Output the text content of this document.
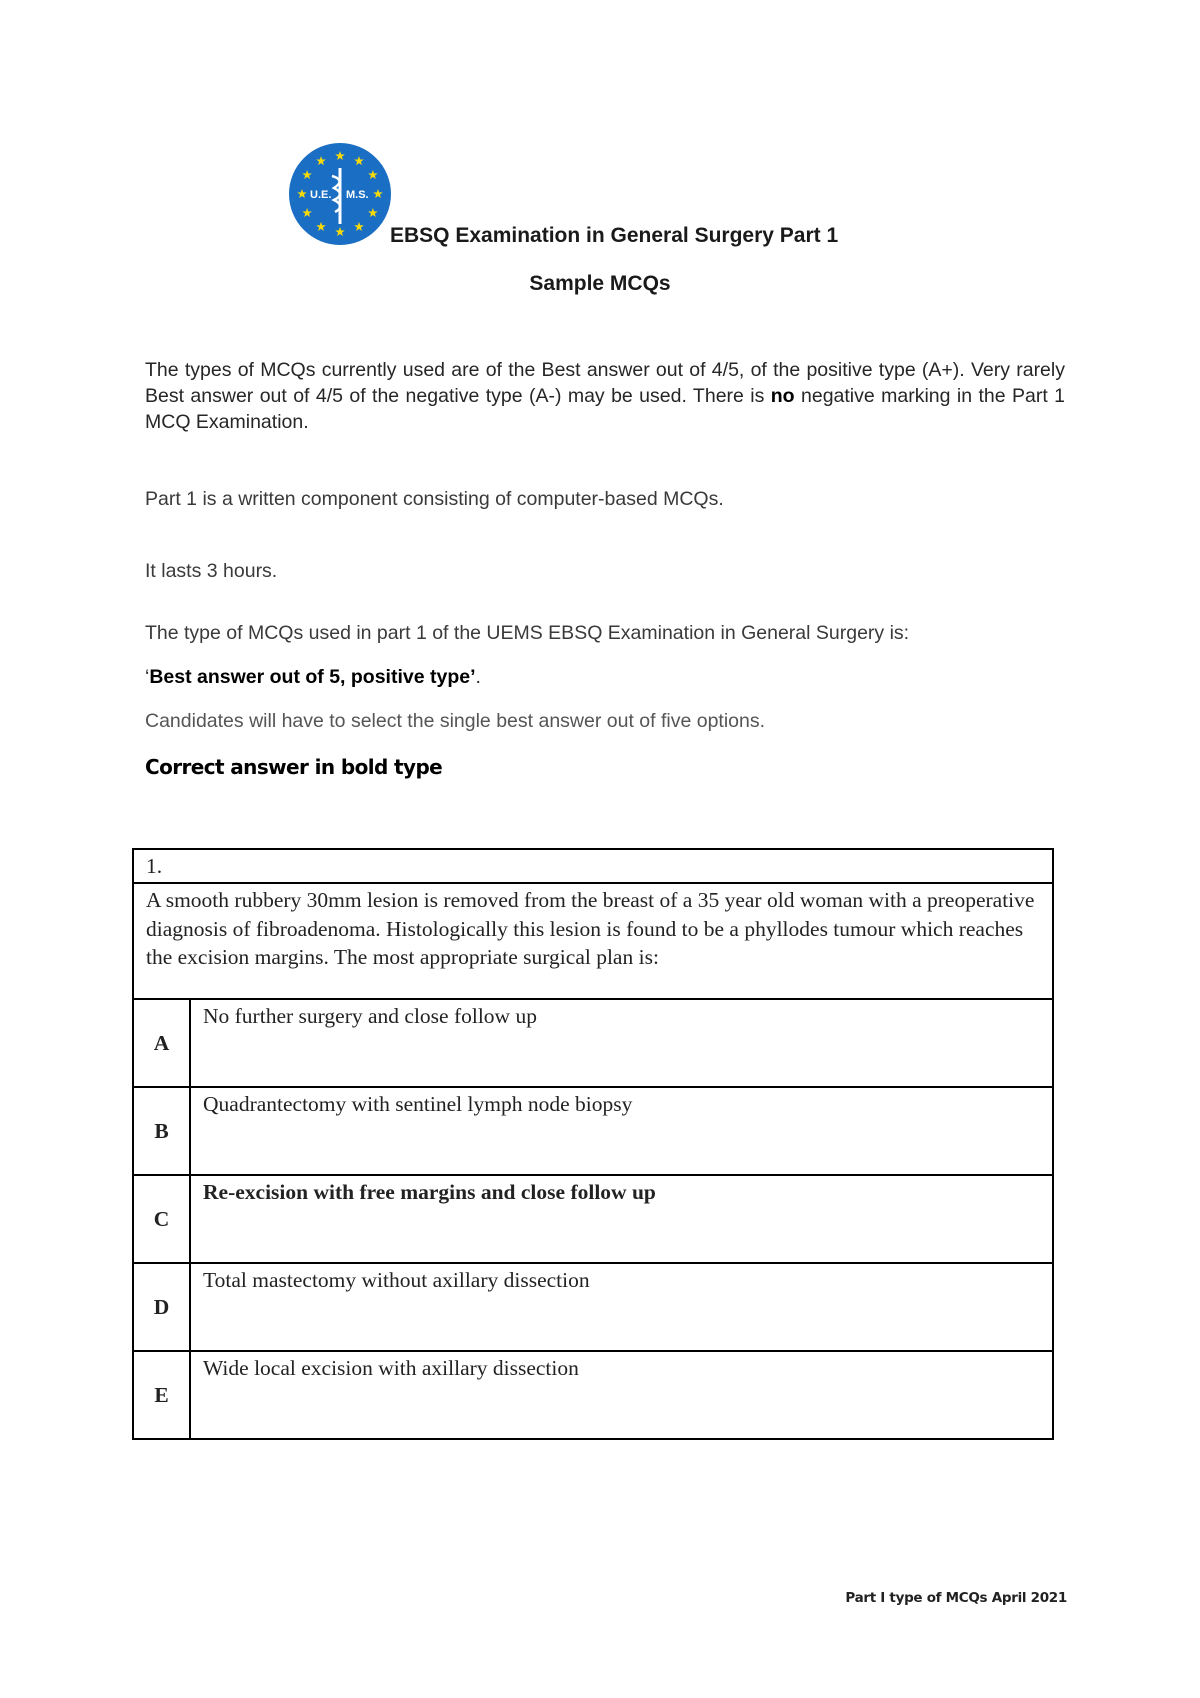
U.E. M.S.
EBSQ Examination in General Surgery Part 1
Sample MCQs

The types of MCQs currently used are of the Best answer out of 4/5, of the positive type (A+). Very rarely Best answer out of 4/5 of the negative type (A-) may be used. There is no negative marking in the Part 1 MCQ Examination.

Part 1 is a written component consisting of computer-based MCQs.

It lasts 3 hours.

The type of MCQs used in part 1 of the UEMS EBSQ Examination in General Surgery is:

‘Best answer out of 5, positive type’.

Candidates will have to select the single best answer out of five options.

Correct answer in bold type

1.	
A smooth rubbery 30mm lesion is removed from the breast of a 35 year old woman with a preoperative diagnosis of fibroadenoma. Histologically this lesion is found to be a phyllodes tumour which reaches the excision margins. The most appropriate surgical plan is:	
A	No further surgery and close follow up
B	Quadrantectomy with sentinel lymph node biopsy
C	Re-excision with free margins and close follow up
D	Total mastectomy without axillary dissection
E	Wide local excision with axillary dissection

Part I type of MCQs April 2021
